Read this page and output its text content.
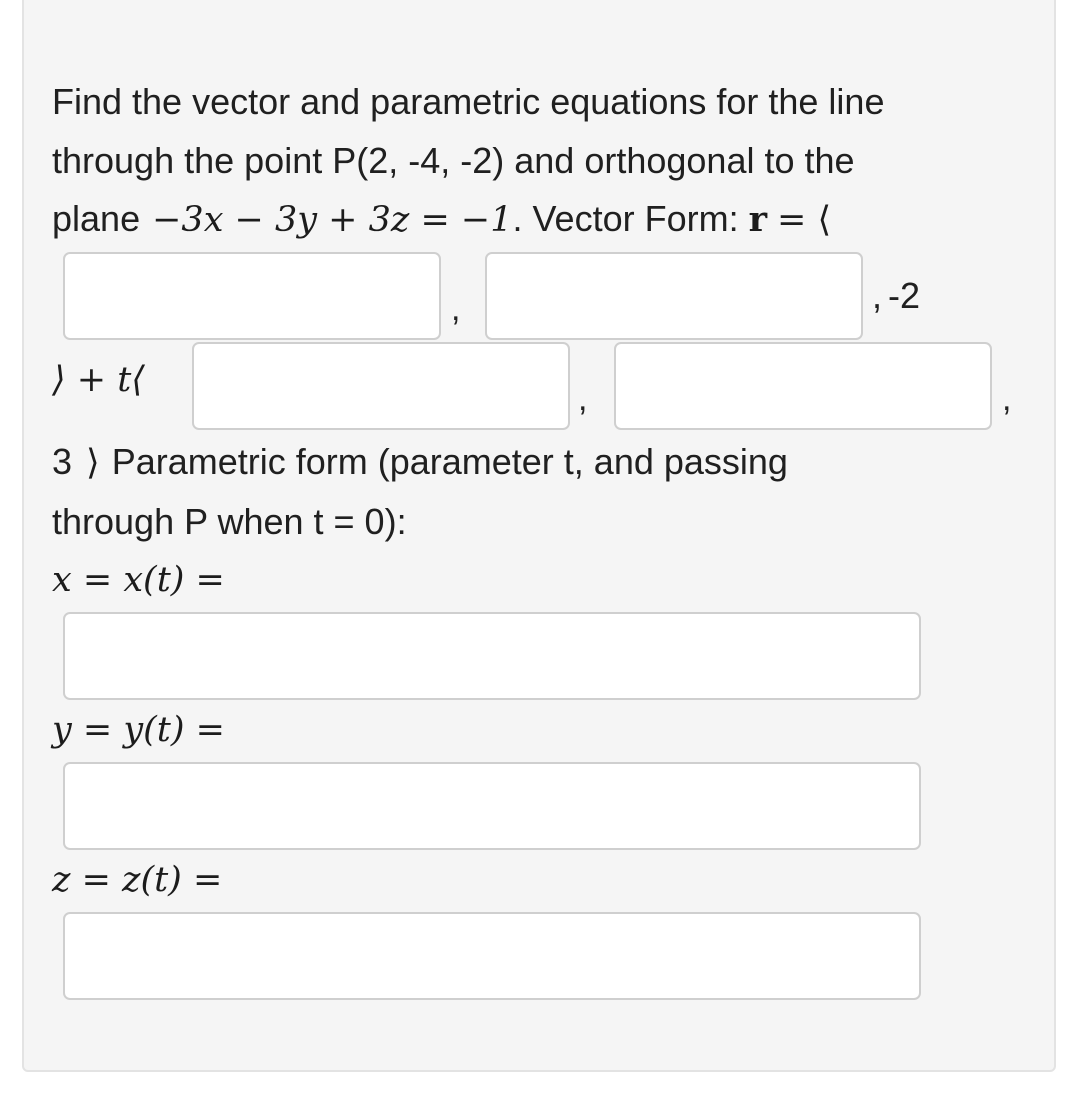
Find the vector and parametric equations for the line
through the point P(2, -4, -2) and orthogonal to the
plane −3x − 3y + 3z = −1 . Vector Form: r = ⟨
,	, -2
⟩ + t⟨	,	,
3 ⟩ Parametric form (parameter t, and passing
through P when t = 0):
x = x(t) =
y = y(t) =
z = z(t) =
